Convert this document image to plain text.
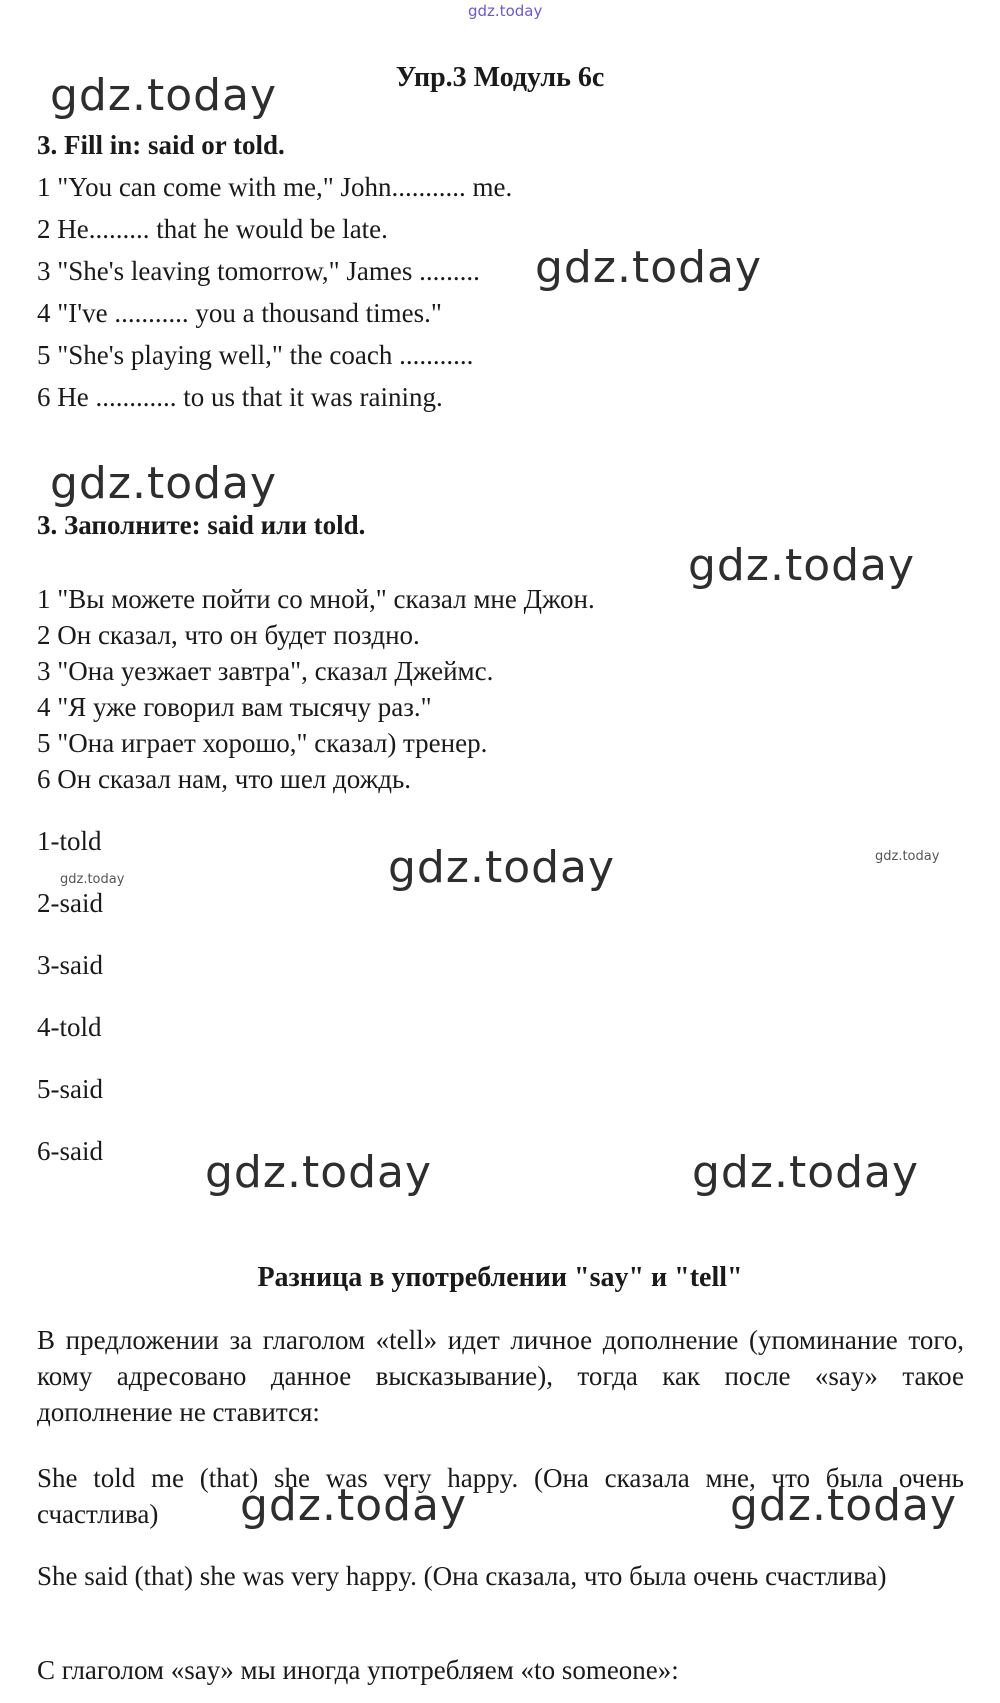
gdz.today
gdz.today
gdz.today
gdz.today
gdz.today
gdz.today	gdz.today
gdz.today
gdz.today	gdz.today
gdz.today	gdz.today
Упр.3 Модуль 6c
3. Fill in: said or told.
1 "You can come with me," John........... me.
2 He......... that he would be late.
3 "She's leaving tomorrow," James .........
4 "I've ........... you a thousand times."
5 "She's playing well," the coach ...........
6 He ............ to us that it was raining.
3. Заполните: said или told.
1 "Вы можете пойти со мной," сказал мне Джон.
2 Он сказал, что он будет поздно.
3 "Она уезжает завтра", сказал Джеймс.
4 "Я уже говорил вам тысячу раз."
5 "Она играет хорошо," сказал) тренер.
6 Он сказал нам, что шел дождь.
1-told
2-said
3-said
4-told
5-said
6-said
Разница в употреблении "say" и "tell"
В предложении за глаголом «tell» идет личное дополнение (упоминание того, кому адресовано данное высказывание), тогда как после «say» такое дополнение не ставится:
She told me (that) she was very happy. (Она сказала мне, что была очень счастлива)
She said (that) she was very happy. (Она сказала, что была очень счастлива)
С глаголом «say» мы иногда употребляем «to someone»:
